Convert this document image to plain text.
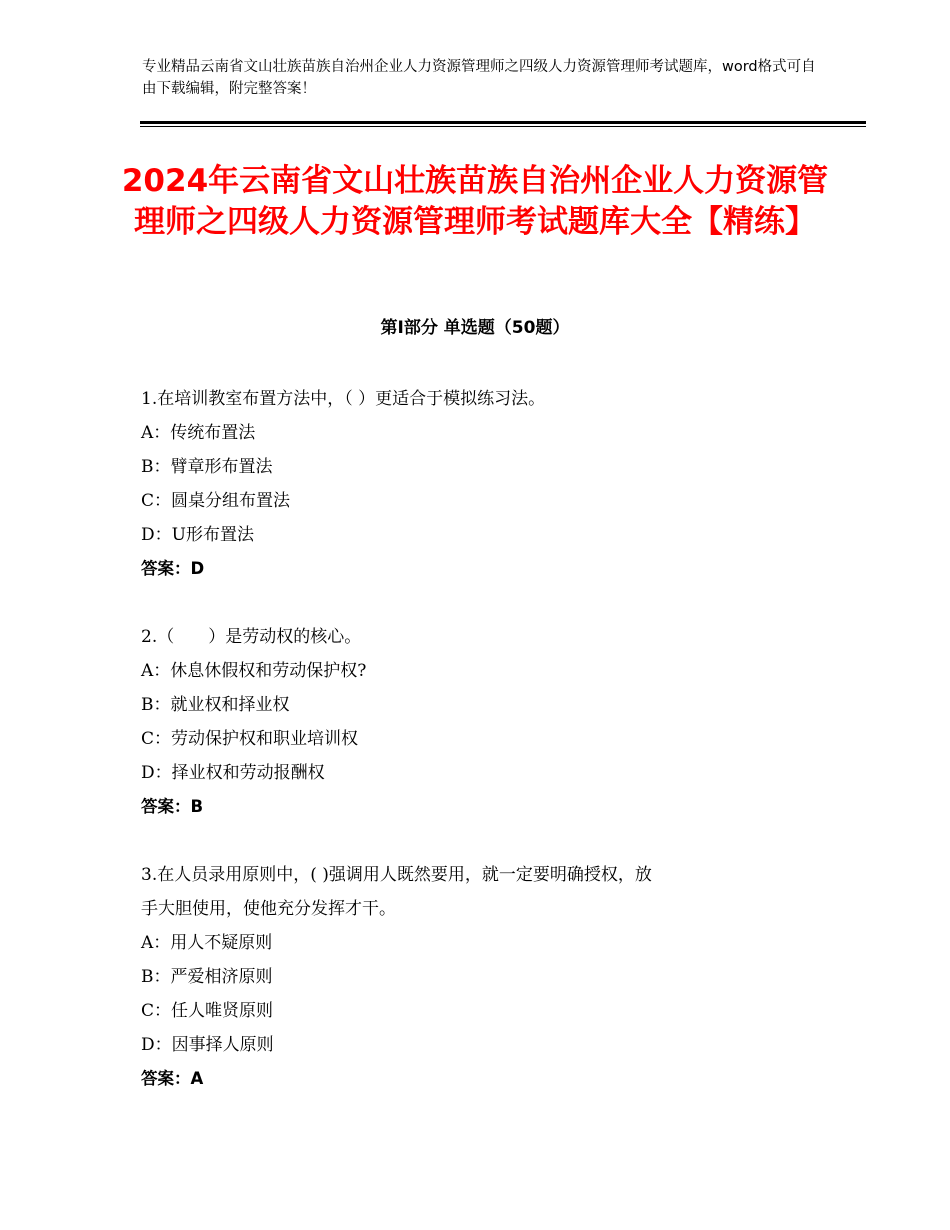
专业精品云南省文山壮族苗族自治州企业人力资源管理师之四级人力资源管理师考试题库，word格式可自由下载编辑，附完整答案！
2024年云南省文山壮族苗族自治州企业人力资源管理师之四级人力资源管理师考试题库大全【精练】
第Ⅰ部分 单选题（50题）

1.在培训教室布置方法中，（ ）更适合于模拟练习法。

A：传统布置法

B：臂章形布置法

C：圆桌分组布置法

D：U形布置法

答案：D

2.（　　）是劳动权的核心。

A：休息休假权和劳动保护权?

B：就业权和择业权

C：劳动保护权和职业培训权

D：择业权和劳动报酬权

答案：B

3.在人员录用原则中，( )强调用人既然要用，就一定要明确授权，放

手大胆使用，使他充分发挥才干。

A：用人不疑原则

B：严爱相济原则

C：任人唯贤原则

D：因事择人原则

答案：A
